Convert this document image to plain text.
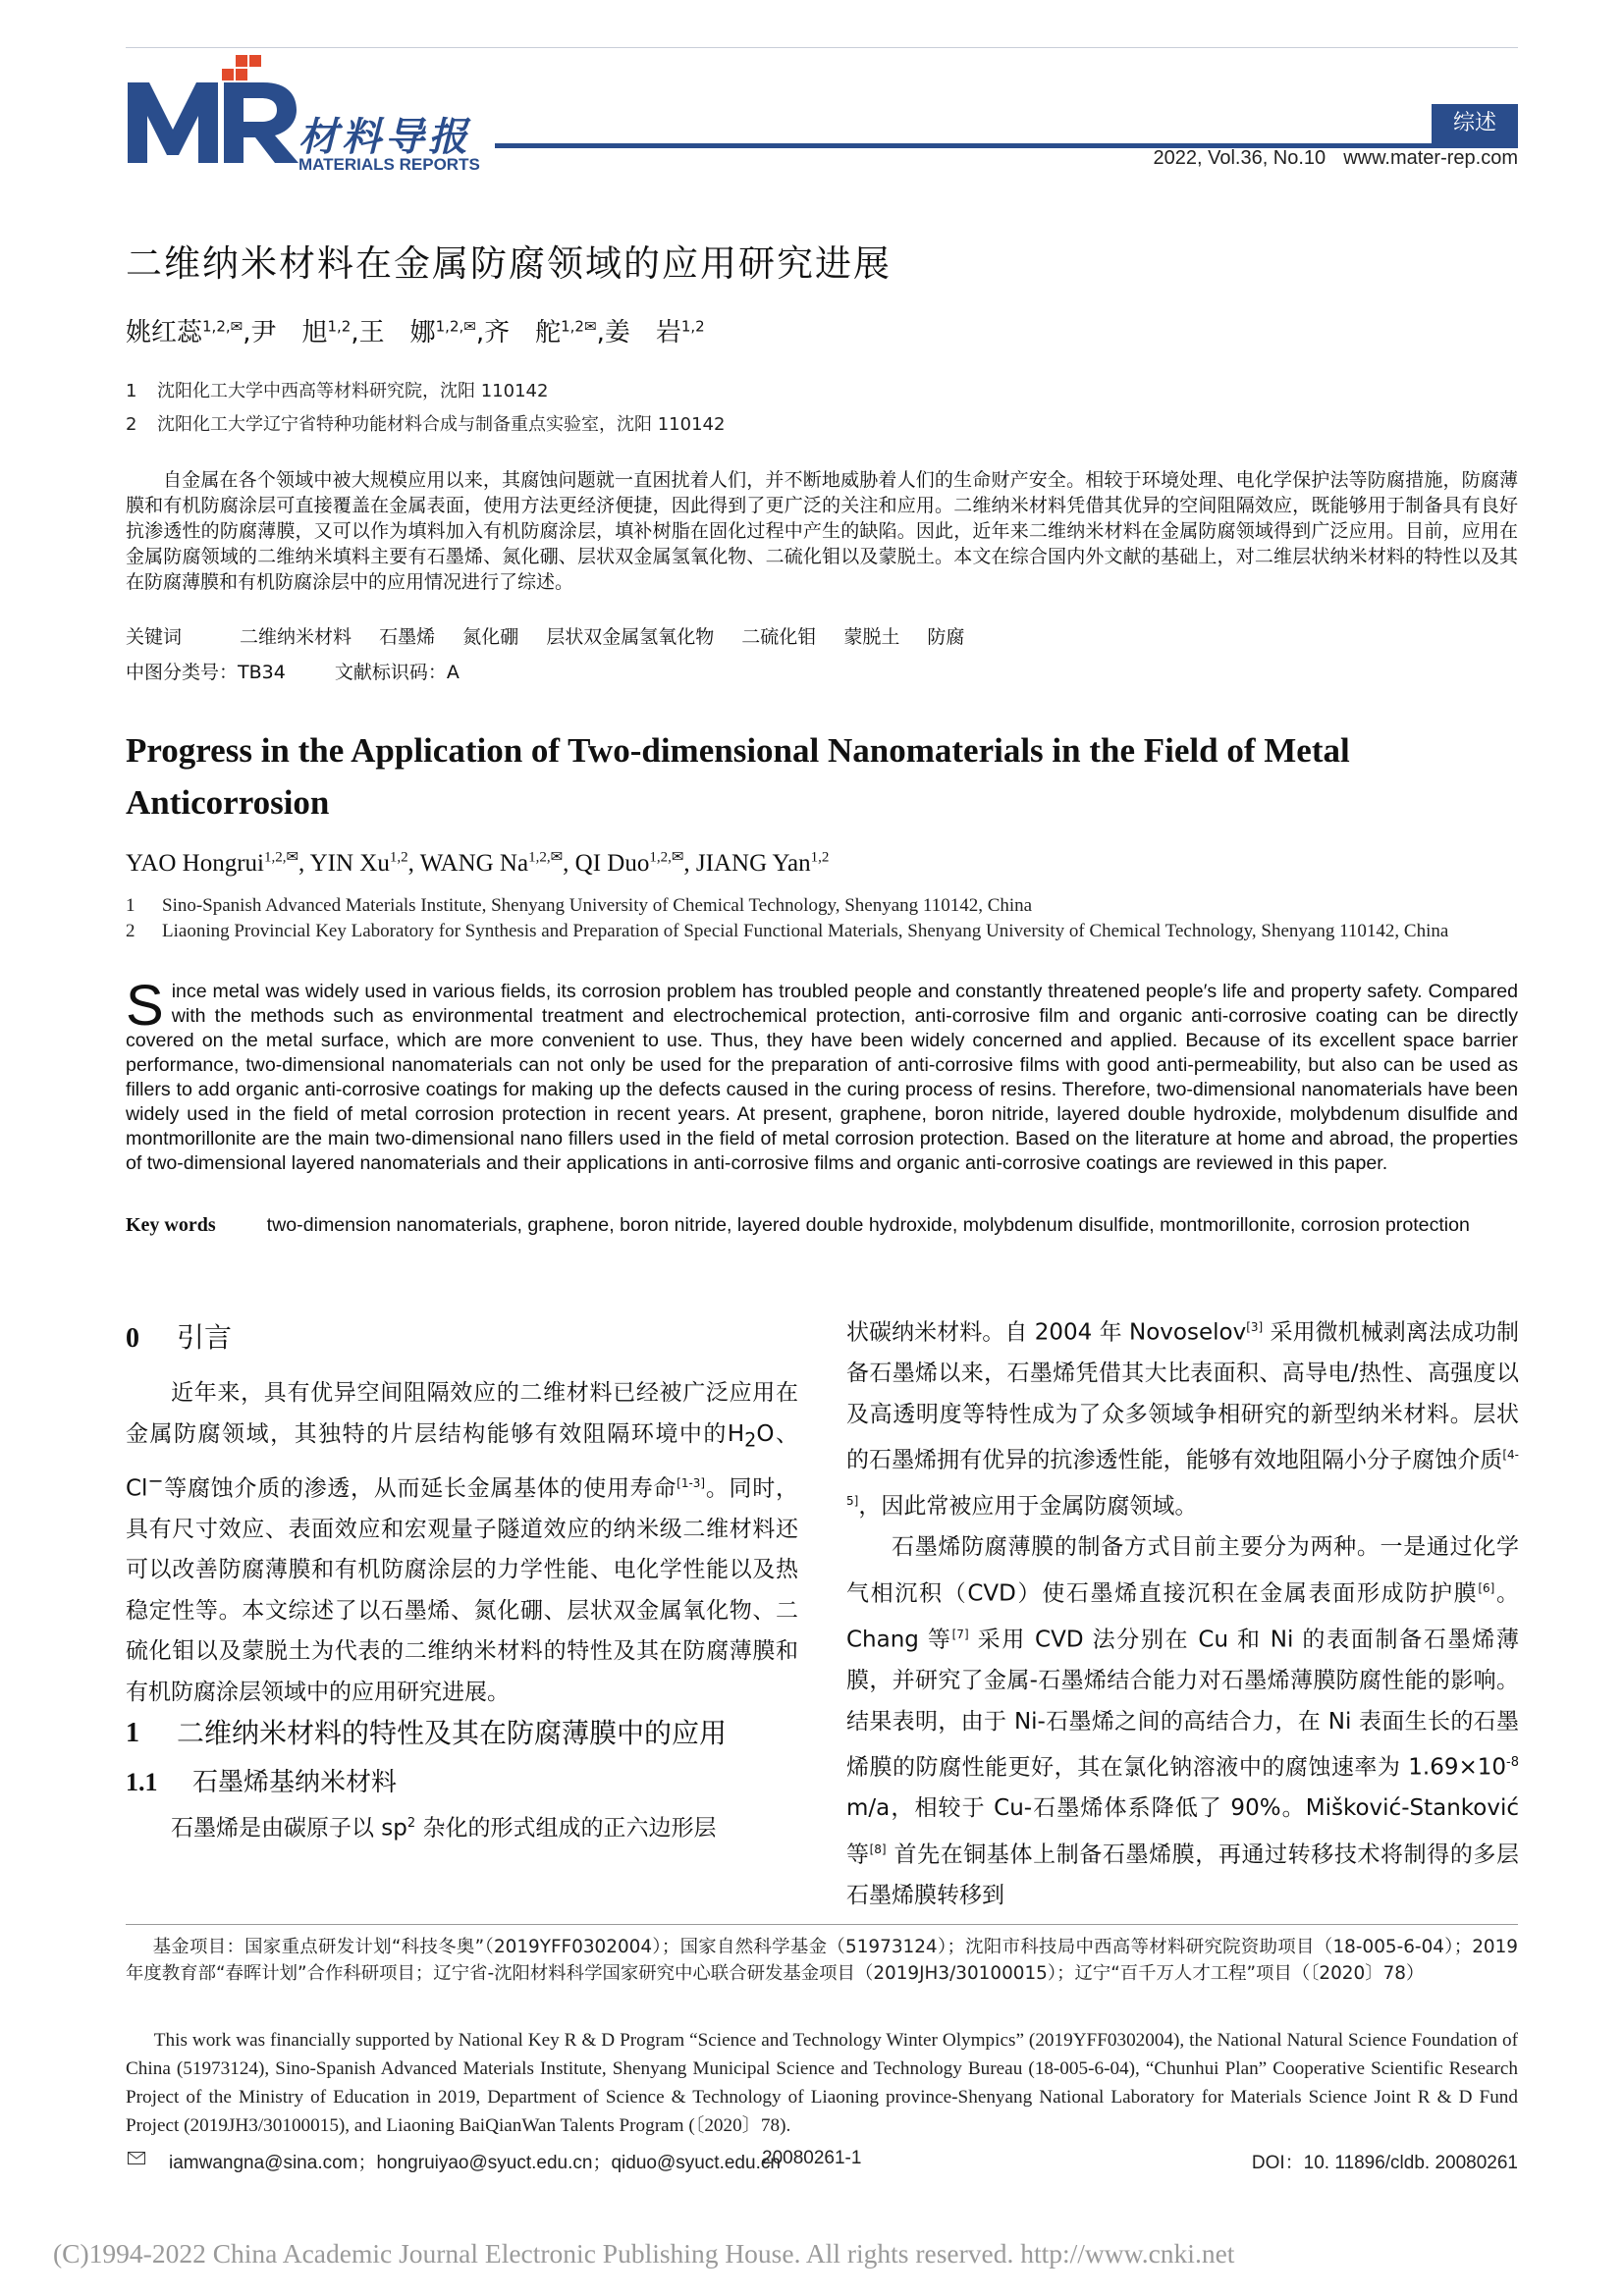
材料导报
MATERIALS REPORTS
综述
2022, Vol.36, No.10 www.mater-rep.com
二维纳米材料在金属防腐领域的应用研究进展
姚红蕊$^{1,2,✉}$,尹　旭$^{1,2}$,王　娜$^{1,2,✉}$,齐　舵$^{1,2✉}$,姜　岩$^{1,2}$
1 沈阳化工大学中西高等材料研究院，沈阳 110142
2 沈阳化工大学辽宁省特种功能材料合成与制备重点实验室，沈阳 110142
自金属在各个领域中被大规模应用以来，其腐蚀问题就一直困扰着人们，并不断地威胁着人们的生命财产安全。相较于环境处理、电化学保护法等防腐措施，防腐薄膜和有机防腐涂层可直接覆盖在金属表面，使用方法更经济便捷，因此得到了更广泛的关注和应用。二维纳米材料凭借其优异的空间阻隔效应，既能够用于制备具有良好抗渗透性的防腐薄膜，又可以作为填料加入有机防腐涂层，填补树脂在固化过程中产生的缺陷。因此，近年来二维纳米材料在金属防腐领域得到广泛应用。目前，应用在金属防腐领域的二维纳米填料主要有石墨烯、氮化硼、层状双金属氢氧化物、二硫化钼以及蒙脱土。本文在综合国内外文献的基础上，对二维层状纳米材料的特性以及其在防腐薄膜和有机防腐涂层中的应用情况进行了综述。
关键词	二维纳米材料 石墨烯 氮化硼 层状双金属氢氧化物 二硫化钼 蒙脱土 防腐
中图分类号：TB34	文献标识码：A
Progress in the Application of Two-dimensional Nanomaterials in the Field of Metal Anticorrosion
YAO Hongrui$^{1,2,✉}$, YIN Xu$^{1,2}$, WANG $Na^{1,2,✉}$, QI Duo$^{1,2,✉}$, JIANG Yan$^{1,2}$
1 Sino-Spanish Advanced Materials Institute, Shenyang University of Chemical Technology, Shenyang 110142, China
2 Liaoning Provincial Key Laboratory for Synthesis and Preparation of Special Functional Materials, Shenyang University of Chemical Technology, Shenyang 110142, China
Since metal was widely used in various fields, its corrosion problem has troubled people and constantly threatened people′s life and property safety. Compared with the methods such as environmental treatment and electrochemical protection, anti-corrosive film and organic anti-corrosive coating can be directly covered on the metal surface, which are more convenient to use. Thus, they have been widely concerned and applied. Because of its excellent space barrier performance, two-dimensional nanomaterials can not only be used for the preparation of anti-corrosive films with good anti-permeability, but also can be used as fillers to add organic anti-corrosive coatings for making up the defects caused in the curing process of resins. Therefore, two-dimensional nanomaterials have been widely used in the field of metal corrosion protection in recent years. At present, graphene, boron nitride, layered double hydroxide, molybdenum disulfide and montmorillonite are the main two-dimensional nano fillers used in the field of metal corrosion protection. Based on the literature at home and abroad, the properties of two-dimensional layered nanomaterials and their applications in anti-corrosive films and organic anti-corrosive coatings are reviewed in this paper.
Key words	two-dimension nanomaterials, graphene, boron nitride, layered double hydroxide, molybdenum disulfide, montmorillonite, corrosion protection
0 引言

近年来，具有优异空间阻隔效应的二维材料已经被广泛应用在金属防腐领域，其独特的片层结构能够有效阻隔环境中的$H_2O$、Cl−等腐蚀介质的渗透，从而延长金属基体的使用寿命[1-3]。同时，具有尺寸效应、表面效应和宏观量子隧道效应的纳米级二维材料还可以改善防腐薄膜和有机防腐涂层的力学性能、电化学性能以及热稳定性等。本文综述了以石墨烯、氮化硼、层状双金属氧化物、二硫化钼以及蒙脱土为代表的二维纳米材料的特性及其在防腐薄膜和有机防腐涂层领域中的应用研究进展。

1 二维纳米材料的特性及其在防腐薄膜中的应用
1.1 石墨烯基纳米材料

石墨烯是由碳原子以 $sp^2$ 杂化的形式组成的正六边形层

状碳纳米材料。自 2004 年 Novoselov[3] 采用微机械剥离法成功制备石墨烯以来，石墨烯凭借其大比表面积、高导电/热性、高强度以及高透明度等特性成为了众多领域争相研究的新型纳米材料。层状的石墨烯拥有优异的抗渗透性能，能够有效地阻隔小分子腐蚀介质[4-5]，因此常被应用于金属防腐领域。

石墨烯防腐薄膜的制备方式目前主要分为两种。一是通过化学气相沉积（CVD）使石墨烯直接沉积在金属表面形成防护膜[6]。Chang 等[7] 采用 CVD 法分别在 Cu 和 Ni 的表面制备石墨烯薄膜，并研究了金属-石墨烯结合能力对石墨烯薄膜防腐性能的影响。结果表明，由于 Ni-石墨烯之间的高结合力，在 Ni 表面生长的石墨烯膜的防腐性能更好，其在氯化钠溶液中的腐蚀速率为 $1.69\times 10^{-8}$ m/a，相较于 Cu-石墨烯体系降低了 90%。Mišković-Stanković等[8] 首先在铜基体上制备石墨烯膜，再通过转移技术将制得的多层石墨烯膜转移到

基金项目：国家重点研发计划“科技冬奥”（2019YFF0302004）；国家自然科学基金（51973124）；沈阳市科技局中西高等材料研究院资助项目（18-005-6-04）；2019 年度教育部“春晖计划”合作科研项目；辽宁省-沈阳材料科学国家研究中心联合研发基金项目（2019JH3/30100015）；辽宁“百千万人才工程”项目（〔2020〕78）
This work was financially supported by National Key R & D Program “Science and Technology Winter Olympics” (2019YFF0302004), the National Natural Science Foundation of China (51973124), Sino-Spanish Advanced Materials Institute, Shenyang Municipal Science and Technology Bureau (18-005-6-04), “Chunhui Plan” Cooperative Scientific Research Project of the Ministry of Education in 2019, Department of Science & Technology of Liaoning province-Shenyang National Laboratory for Materials Science Joint R & D Fund Project (2019JH3/30100015), and Liaoning BaiQianWan Talents Program (〔2020〕78).
iamwangna@sina.com；hongruiyao@syuct.edu.cn；qiduo@syuct.edu.cn
20080261-1	DOI：10. 11896/cldb. 20080261
(C)1994-2022 China Academic Journal Electronic Publishing House. All rights reserved. http://www.cnki.net
